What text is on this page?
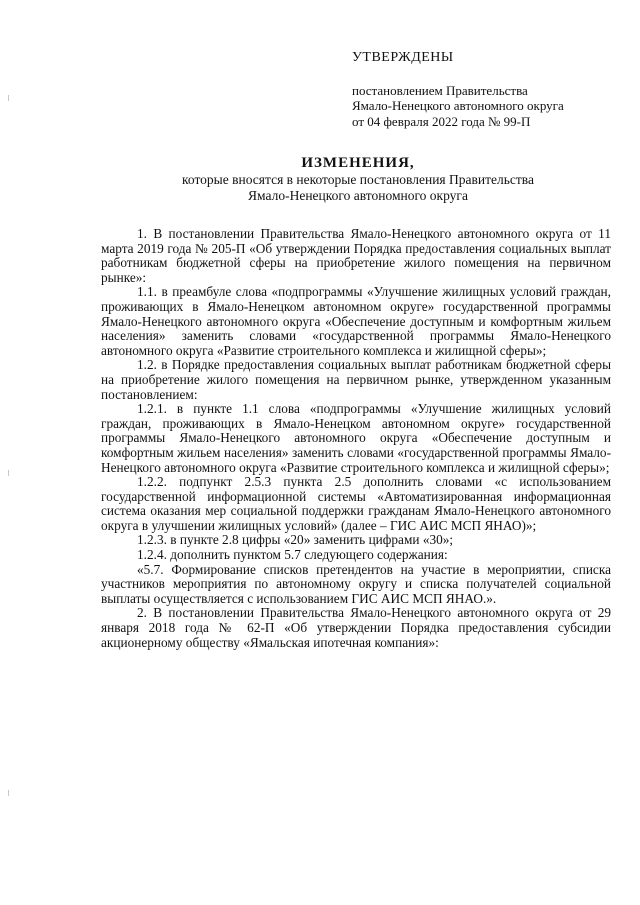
УТВЕРЖДЕНЫ
постановлением Правительства
Ямало-Ненецкого автономного округа
от 04 февраля 2022 года № 99-П
ИЗМЕНЕНИЯ,
которые вносятся в некоторые постановления Правительства
Ямало-Ненецкого автономного округа

1. В постановлении Правительства Ямало-Ненецкого автономного округа от 11 марта 2019 года № 205-П «Об утверждении Порядка предоставления социальных выплат работникам бюджетной сферы на приобретение жилого помещения на первичном рынке»:

1.1. в преамбуле слова «подпрограммы «Улучшение жилищных условий граждан, проживающих в Ямало-Ненецком автономном округе» государственной программы Ямало-Ненецкого автономного округа «Обеспечение доступным и комфортным жильем населения» заменить словами «государственной программы Ямало-Ненецкого автономного округа «Развитие строительного комплекса и жилищной сферы»;

1.2. в Порядке предоставления социальных выплат работникам бюджетной сферы на приобретение жилого помещения на первичном рынке, утвержденном указанным постановлением:

1.2.1. в пункте 1.1 слова «подпрограммы «Улучшение жилищных условий граждан, проживающих в Ямало-Ненецком автономном округе» государственной программы Ямало-Ненецкого автономного округа «Обеспечение доступным и комфортным жильем населения» заменить словами «государственной программы Ямало-Ненецкого автономного округа «Развитие строительного комплекса и жилищной сферы»;

1.2.2. подпункт 2.5.3 пункта 2.5 дополнить словами «с использованием государственной информационной системы «Автоматизированная информационная система оказания мер социальной поддержки гражданам Ямало-Ненецкого автономного округа в улучшении жилищных условий» (далее – ГИС АИС МСП ЯНАО)»;

1.2.3. в пункте 2.8 цифры «20» заменить цифрами «30»;

1.2.4. дополнить пунктом 5.7 следующего содержания:

«5.7. Формирование списков претендентов на участие в мероприятии, списка участников мероприятия по автономному округу и списка получателей социальной выплаты осуществляется с использованием ГИС АИС МСП ЯНАО.».

2. В постановлении Правительства Ямало-Ненецкого автономного округа от 29 января 2018 года № 62-П «Об утверждении Порядка предоставления субсидии акционерному обществу «Ямальская ипотечная компания»:
